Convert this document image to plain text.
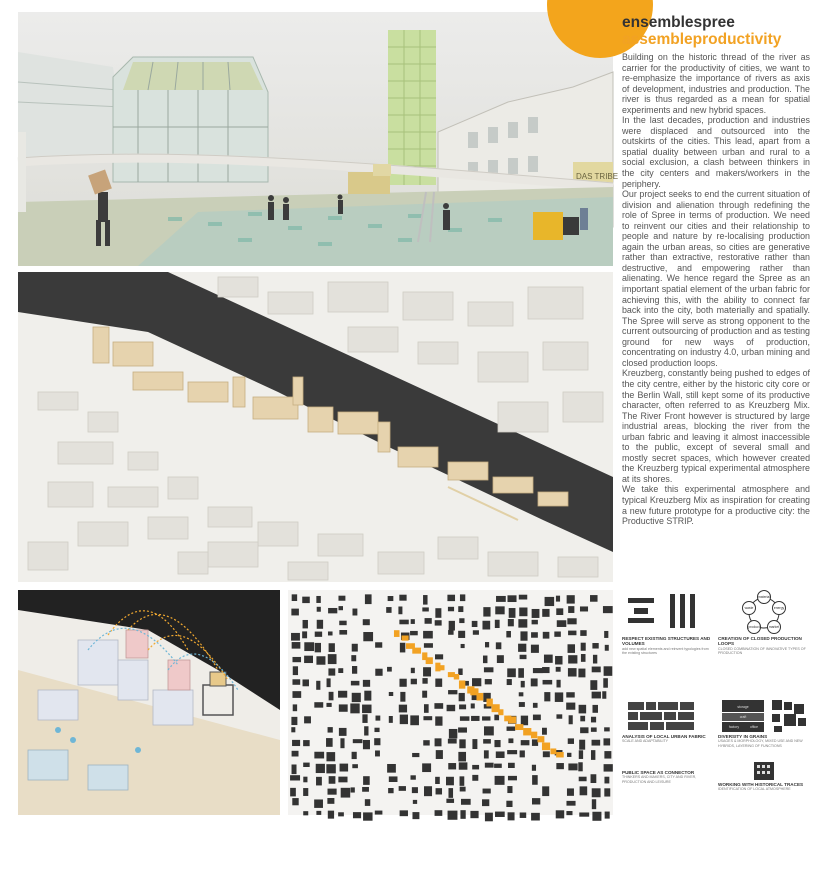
DAS TRIBE
ensemblespree
assembleproductivity

Building on the historic thread of the river as carrier for the productivity of cities, we want to re-emphasize the importance of rivers as axis of development, industries and production. The river is thus regarded as a mean for spatial experiments and new hybrid spaces.

In the last decades, production and industries were displaced and outsourced into the outskirts of the cities. This lead, apart from a spatial duality between urban and rural to a social exclusion, a clash between thinkers in the city centers and makers/workers in the periphery.

Our project seeks to end the current situation of division and alienation through redefining the role of Spree in terms of production. We need to reinvent our cities and their relationship to people and nature by re-localising production again the urban areas, so cities are generative rather than extractive, restorative rather than destructive, and empowering rather than alienating. We hence regard the Spree as an important spatial element of the urban fabric for achieving this, with the ability to connect far back into the city, both materially and spatially. The Spree will serve as strong opponent to the current outsourcing of production and as testing ground for new ways of production, concentrating on industry 4.0, urban mining and closed production loops.

Kreuzberg, constantly being pushed to edges of the city centre, either by the historic city core or the Berlin Wall, still kept some of its productive character, often referred to as Kreuzberg Mix. The River Front however is structured by large industrial areas, blocking the river from the urban fabric and leaving it almost inaccessible to the public, except of several small and mostly secret spaces, which however created the Kreuzberg typical experimental atmosphere at its shores.

We take this experimental atmosphere and typical Kreuzberg Mix as inspiration for creating a new future prototype for a productive city: the Productive STRIP.

RESPECT EXISTING STRUCTURES AND VOLUMES
add new spatial elements and reinvent typologies from the existing structures
material
energy
market
product
waste
CREATION OF CLOSED PRODUCTION LOOPS
CLOSED COMBINATION OF INNOVATIVE TYPES OF PRODUCTION
ANALYSIS OF LOCAL URBAN FABRIC
SCALE AND ADAPTABILITY
storage
craft
factory	office
DIVERSITY IN GRAINS
USAGES & MORPHOLOGY, MIXED USE AND NEW HYBRIDS, LAYERING OF FUNCTIONS
PUBLIC SPACE AS CONNECTOR
THINKERS AND MAKERS, CITY AND RIVER, PRODUCTION AND LEISURE
WORKING WITH HISTORICAL TRACES
IDENTIFICATION OF LOCAL ATMOSPHERE
